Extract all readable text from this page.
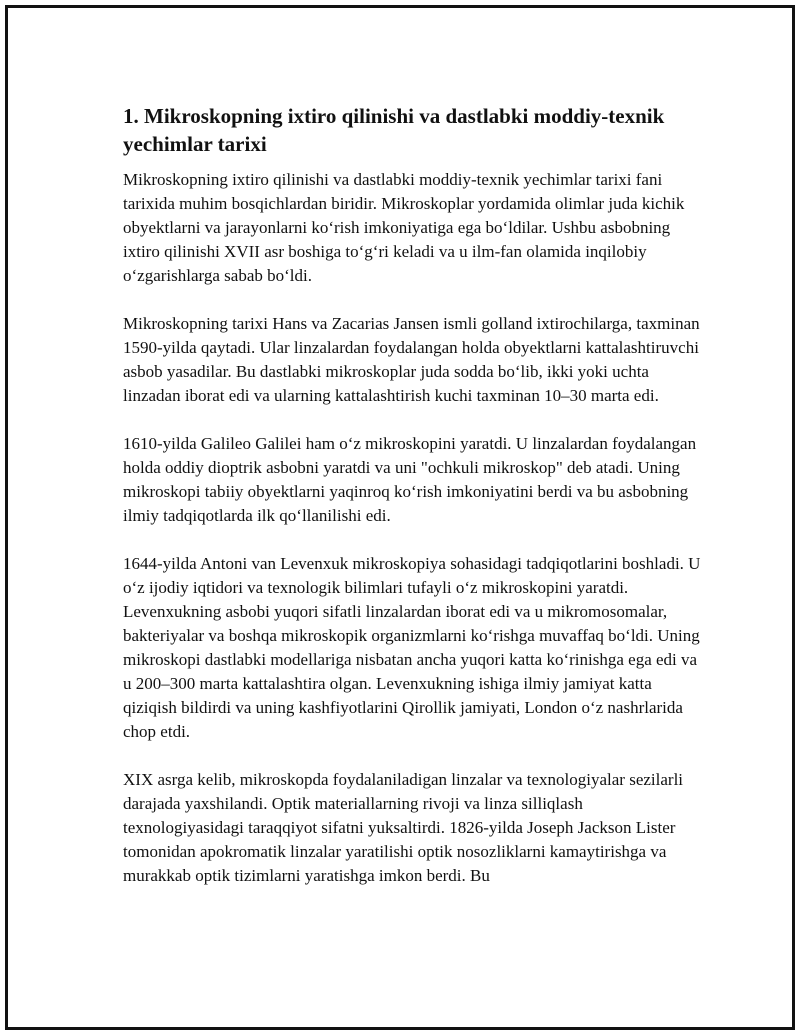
1. Mikroskopning ixtiro qilinishi va dastlabki moddiy-texnik yechimlar tarixi

Mikroskopning ixtiro qilinishi va dastlabki moddiy-texnik yechimlar tarixi fani tarixida muhim bosqichlardan biridir. Mikroskoplar yordamida olimlar juda kichik obyektlarni va jarayonlarni ko‘rish imkoniyatiga ega bo‘ldilar. Ushbu asbobning ixtiro qilinishi XVII asr boshiga to‘g‘ri keladi va u ilm-fan olamida inqilobiy o‘zgarishlarga sabab bo‘ldi.

Mikroskopning tarixi Hans va Zacarias Jansen ismli golland ixtirochilarga, taxminan 1590-yilda qaytadi. Ular linzalardan foydalangan holda obyektlarni kattalashtiruvchi asbob yasadilar. Bu dastlabki mikroskoplar juda sodda bo‘lib, ikki yoki uchta linzadan iborat edi va ularning kattalashtirish kuchi taxminan 10–30 marta edi.

1610-yilda Galileo Galilei ham o‘z mikroskopini yaratdi. U linzalardan foydalangan holda oddiy dioptrik asbobni yaratdi va uni "ochkuli mikroskop" deb atadi. Uning mikroskopi tabiiy obyektlarni yaqinroq ko‘rish imkoniyatini berdi va bu asbobning ilmiy tadqiqotlarda ilk qo‘llanilishi edi.

1644-yilda Antoni van Levenxuk mikroskopiya sohasidagi tadqiqotlarini boshladi. U o‘z ijodiy iqtidori va texnologik bilimlari tufayli o‘z mikroskopini yaratdi. Levenxukning asbobi yuqori sifatli linzalardan iborat edi va u mikromosomalar, bakteriyalar va boshqa mikroskopik organizmlarni ko‘rishga muvaffaq bo‘ldi. Uning mikroskopi dastlabki modellariga nisbatan ancha yuqori katta ko‘rinishga ega edi va u 200–300 marta kattalashtira olgan. Levenxukning ishiga ilmiy jamiyat katta qiziqish bildirdi va uning kashfiyotlarini Qirollik jamiyati, London o‘z nashrlarida chop etdi.

XIX asrga kelib, mikroskopda foydalaniladigan linzalar va texnologiyalar sezilarli darajada yaxshilandi. Optik materiallarning rivoji va linza silliqlash texnologiyasidagi taraqqiyot sifatni yuksaltirdi. 1826-yilda Joseph Jackson Lister tomonidan apokromatik linzalar yaratilishi optik nosozliklarni kamaytirishga va murakkab optik tizimlarni yaratishga imkon berdi. Bu
